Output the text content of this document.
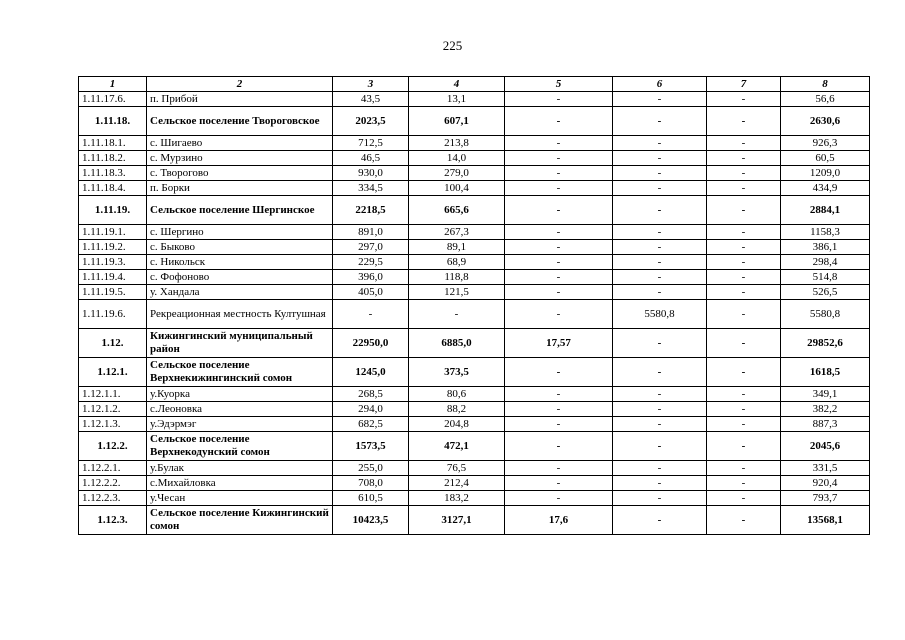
225
1	2	3	4	5	6	7	8
1.11.17.6.	п. Прибой	43,5	13,1	-	-	-	56,6
1.11.18.	Сельское поселение Твороговское	2023,5	607,1	-	-	-	2630,6
1.11.18.1.	с. Шигаево	712,5	213,8	-	-	-	926,3
1.11.18.2.	с. Мурзино	46,5	14,0	-	-	-	60,5
1.11.18.3.	с. Творогово	930,0	279,0	-	-	-	1209,0
1.11.18.4.	п. Борки	334,5	100,4	-	-	-	434,9
1.11.19.	Сельское поселение Шергинское	2218,5	665,6	-	-	-	2884,1
1.11.19.1.	с. Шергино	891,0	267,3	-	-	-	1158,3
1.11.19.2.	с. Быково	297,0	89,1	-	-	-	386,1
1.11.19.3.	с. Никольск	229,5	68,9	-	-	-	298,4
1.11.19.4.	с. Фофоново	396,0	118,8	-	-	-	514,8
1.11.19.5.	у. Хандала	405,0	121,5	-	-	-	526,5
1.11.19.6.	Рекреационная местность Култушная	-	-	-	5580,8	-	5580,8
1.12.	Кижингинский муниципальный район	22950,0	6885,0	17,57	-	-	29852,6
1.12.1.	Сельское поселение Верхнекижингинский сомон	1245,0	373,5	-	-	-	1618,5
1.12.1.1.	у.Куорка	268,5	80,6	-	-	-	349,1
1.12.1.2.	с.Леоновка	294,0	88,2	-	-	-	382,2
1.12.1.3.	у.Эдэрмэг	682,5	204,8	-	-	-	887,3
1.12.2.	Сельское поселение Верхнекодунский сомон	1573,5	472,1	-	-	-	2045,6
1.12.2.1.	у.Булак	255,0	76,5	-	-	-	331,5
1.12.2.2.	с.Михайловка	708,0	212,4	-	-	-	920,4
1.12.2.3.	у.Чесан	610,5	183,2	-	-	-	793,7
1.12.3.	Сельское поселение Кижингинский сомон	10423,5	3127,1	17,6	-	-	13568,1
